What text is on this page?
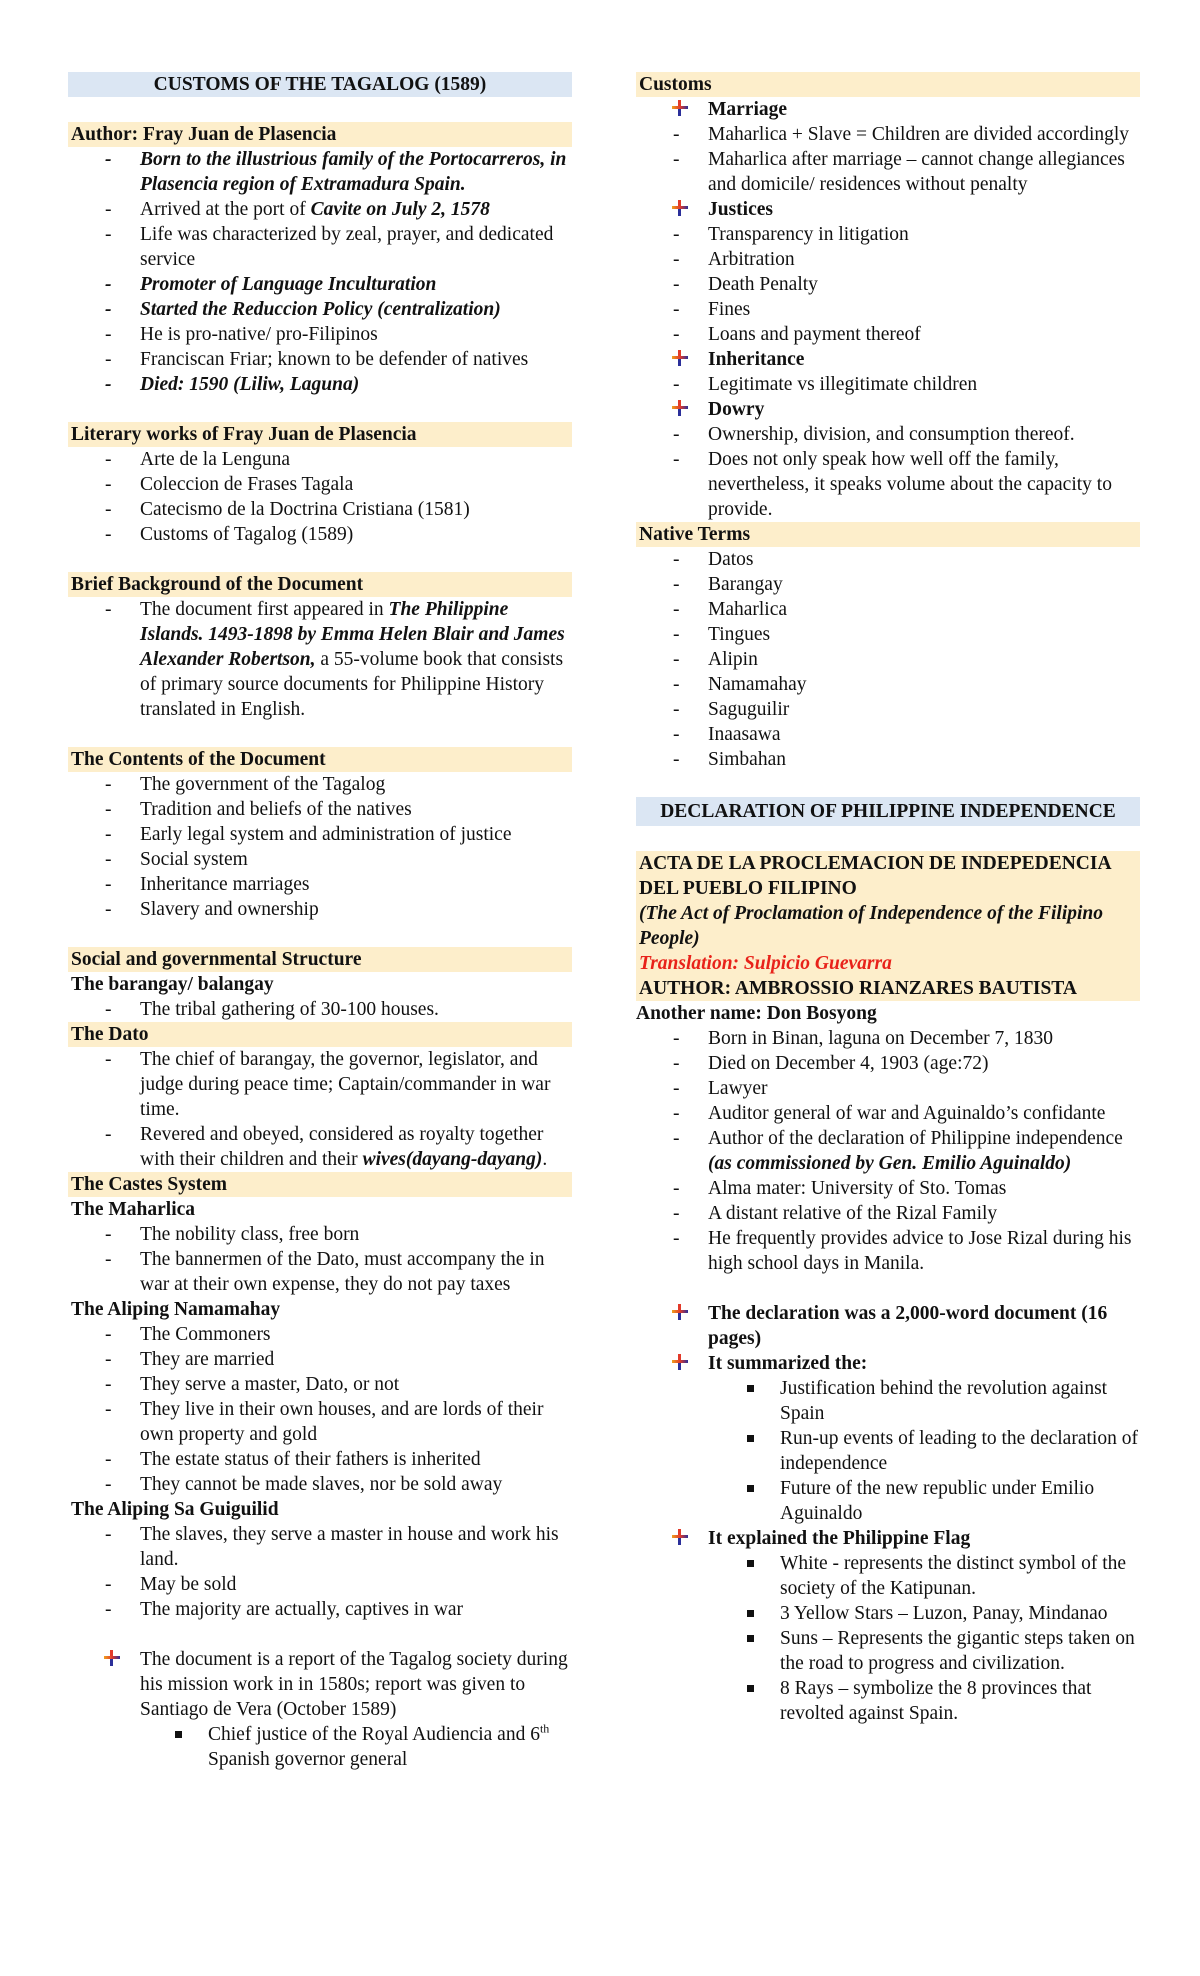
CUSTOMS OF THE TAGALOG (1589)
Author: Fray Juan de Plasencia
- Born to the illustrious family of the Portocarreros, in Plasencia region of Extramadura Spain.
- Arrived at the port of Cavite on July 2, 1578
- Life was characterized by zeal, prayer, and dedicated service
- Promoter of Language Inculturation
- Started the Reduccion Policy (centralization)
- He is pro-native/ pro-Filipinos
- Franciscan Friar; known to be defender of natives
- Died: 1590 (Liliw, Laguna)
Literary works of Fray Juan de Plasencia
- Arte de la Lenguna
- Coleccion de Frases Tagala
- Catecismo de la Doctrina Cristiana (1581)
- Customs of Tagalog (1589)
Brief Background of the Document
- The document first appeared in The Philippine Islands. 1493-1898 by Emma Helen Blair and James Alexander Robertson, a 55-volume book that consists of primary source documents for Philippine History translated in English.
The Contents of the Document
- The government of the Tagalog
- Tradition and beliefs of the natives
- Early legal system and administration of justice
- Social system
- Inheritance marriages
- Slavery and ownership
Social and governmental Structure
The barangay/ balangay
- The tribal gathering of 30-100 houses.
The Dato
- The chief of barangay, the governor, legislator, and judge during peace time; Captain/commander in war time.
- Revered and obeyed, considered as royalty together with their children and their wives(dayang-dayang).
The Castes System
The Maharlica
- The nobility class, free born
- The bannermen of the Dato, must accompany the in war at their own expense, they do not pay taxes
The Aliping Namamahay
- The Commoners
- They are married
- They serve a master, Dato, or not
- They live in their own houses, and are lords of their own property and gold
- The estate status of their fathers is inherited
- They cannot be made slaves, nor be sold away
The Aliping Sa Guiguilid
- The slaves, they serve a master in house and work his land.
- May be sold
- The majority are actually, captives in war
The document is a report of the Tagalog society during his mission work in in 1580s; report was given to Santiago de Vera (October 1589)
Chief justice of the Royal Audiencia and 6th Spanish governor general
Customs
Marriage
- Maharlica + Slave = Children are divided accordingly
- Maharlica after marriage – cannot change allegiances and domicile/ residences without penalty
Justices
- Transparency in litigation
- Arbitration
- Death Penalty
- Fines
- Loans and payment thereof
Inheritance
- Legitimate vs illegitimate children
Dowry
- Ownership, division, and consumption thereof.
- Does not only speak how well off the family, nevertheless, it speaks volume about the capacity to provide.
Native Terms
- Datos
- Barangay
- Maharlica
- Tingues
- Alipin
- Namamahay
- Saguguilir
- Inaasawa
- Simbahan
DECLARATION OF PHILIPPINE INDEPENDENCE
ACTA DE LA PROCLEMACION DE INDEPEDENCIA DEL PUEBLO FILIPINO
(The Act of Proclamation of Independence of the Filipino People)
Translation: Sulpicio Guevarra
AUTHOR: AMBROSSIO RIANZARES BAUTISTA
Another name: Don Bosyong
- Born in Binan, laguna on December 7, 1830
- Died on December 4, 1903 (age:72)
- Lawyer
- Auditor general of war and Aguinaldo’s confidante
- Author of the declaration of Philippine independence (as commissioned by Gen. Emilio Aguinaldo)
- Alma mater: University of Sto. Tomas
- A distant relative of the Rizal Family
- He frequently provides advice to Jose Rizal during his high school days in Manila.
The declaration was a 2,000-word document (16 pages)
It summarized the:
Justification behind the revolution against Spain
Run-up events of leading to the declaration of independence
Future of the new republic under Emilio Aguinaldo
It explained the Philippine Flag
White - represents the distinct symbol of the society of the Katipunan.
3 Yellow Stars – Luzon, Panay, Mindanao
Suns – Represents the gigantic steps taken on the road to progress and civilization.
8 Rays – symbolize the 8 provinces that revolted against Spain.
